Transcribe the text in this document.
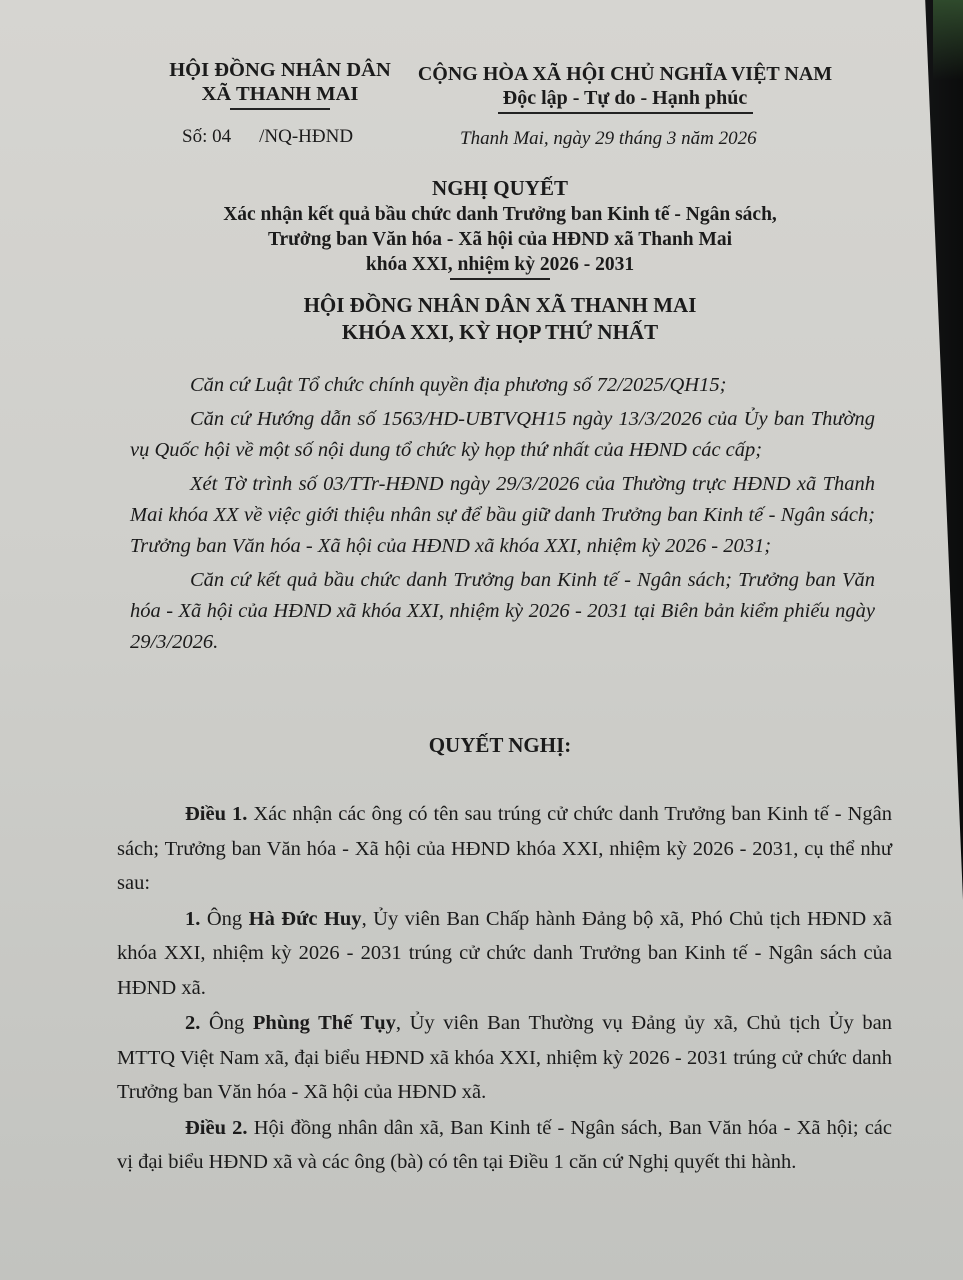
HỘI ĐỒNG NHÂN DÂN
XÃ THANH MAI
CỘNG HÒA XÃ HỘI CHỦ NGHĨA VIỆT NAM
Độc lập - Tự do - Hạnh phúc
Số: 04 /NQ-HĐND	Thanh Mai, ngày 29 tháng 3 năm 2026
NGHỊ QUYẾT
Xác nhận kết quả bầu chức danh Trưởng ban Kinh tế - Ngân sách,
Trưởng ban Văn hóa - Xã hội của HĐND xã Thanh Mai
khóa XXI, nhiệm kỳ 2026 - 2031
HỘI ĐỒNG NHÂN DÂN XÃ THANH MAI
KHÓA XXI, KỲ HỌP THỨ NHẤT

Căn cứ Luật Tổ chức chính quyền địa phương số 72/2025/QH15;

Căn cứ Hướng dẫn số 1563/HD-UBTVQH15 ngày 13/3/2026 của Ủy ban Thường vụ Quốc hội về một số nội dung tổ chức kỳ họp thứ nhất của HĐND các cấp;

Xét Tờ trình số 03/TTr-HĐND ngày 29/3/2026 của Thường trực HĐND xã Thanh Mai khóa XX về việc giới thiệu nhân sự để bầu giữ danh Trưởng ban Kinh tế - Ngân sách; Trưởng ban Văn hóa - Xã hội của HĐND xã khóa XXI, nhiệm kỳ 2026 - 2031;

Căn cứ kết quả bầu chức danh Trưởng ban Kinh tế - Ngân sách; Trưởng ban Văn hóa - Xã hội của HĐND xã khóa XXI, nhiệm kỳ 2026 - 2031 tại Biên bản kiểm phiếu ngày 29/3/2026.

QUYẾT NGHỊ:

Điều 1. Xác nhận các ông có tên sau trúng cử chức danh Trưởng ban Kinh tế - Ngân sách; Trưởng ban Văn hóa - Xã hội của HĐND khóa XXI, nhiệm kỳ 2026 - 2031, cụ thể như sau:

1. Ông Hà Đức Huy, Ủy viên Ban Chấp hành Đảng bộ xã, Phó Chủ tịch HĐND xã khóa XXI, nhiệm kỳ 2026 - 2031 trúng cử chức danh Trưởng ban Kinh tế - Ngân sách của HĐND xã.

2. Ông Phùng Thế Tụy, Ủy viên Ban Thường vụ Đảng ủy xã, Chủ tịch Ủy ban MTTQ Việt Nam xã, đại biểu HĐND xã khóa XXI, nhiệm kỳ 2026 - 2031 trúng cử chức danh Trưởng ban Văn hóa - Xã hội của HĐND xã.

Điều 2. Hội đồng nhân dân xã, Ban Kinh tế - Ngân sách, Ban Văn hóa - Xã hội; các vị đại biểu HĐND xã và các ông (bà) có tên tại Điều 1 căn cứ Nghị quyết thi hành.
